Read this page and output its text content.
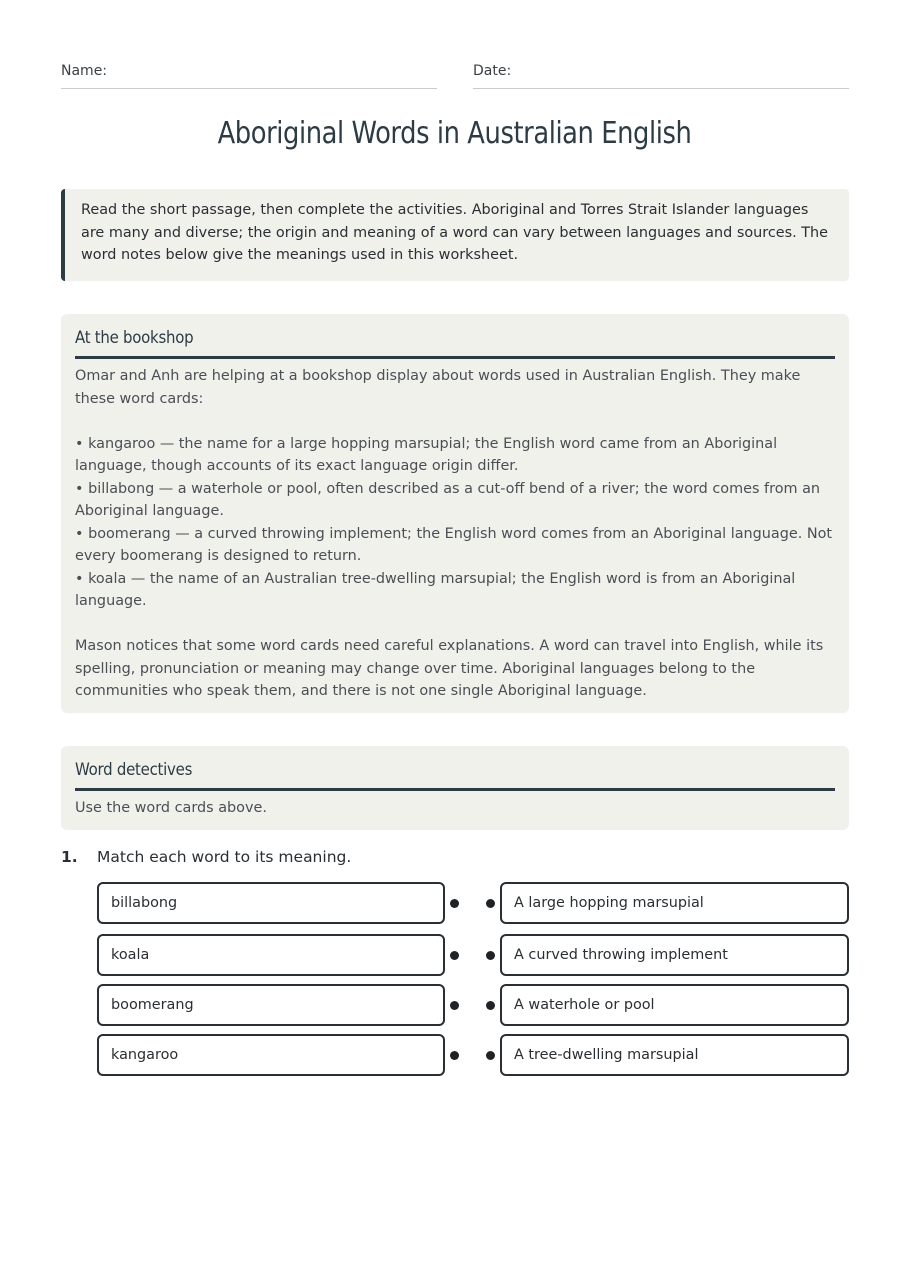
Name:	Date:
Aboriginal Words in Australian English

Read the short passage, then complete the activities. Aboriginal and Torres Strait Islander languages are many and diverse; the origin and meaning of a word can vary between languages and sources. The word notes below give the meanings used in this worksheet.

At the bookshop

Omar and Anh are helping at a bookshop display about words used in Australian English. They make these word cards:

• kangaroo — the name for a large hopping marsupial; the English word came from an Aboriginal language, though accounts of its exact language origin differ.

• billabong — a waterhole or pool, often described as a cut-off bend of a river; the word comes from an Aboriginal language.

• boomerang — a curved throwing implement; the English word comes from an Aboriginal language. Not every boomerang is designed to return.

• koala — the name of an Australian tree-dwelling marsupial; the English word is from an Aboriginal language.

Mason notices that some word cards need careful explanations. A word can travel into English, while its spelling, pronunciation or meaning may change over time. Aboriginal languages belong to the communities who speak them, and there is not one single Aboriginal language.

Word detectives

Use the word cards above.

1. Match each word to its meaning.
billabong	A large hopping marsupial
koala	A curved throwing implement
boomerang	A waterhole or pool
kangaroo	A tree-dwelling marsupial
